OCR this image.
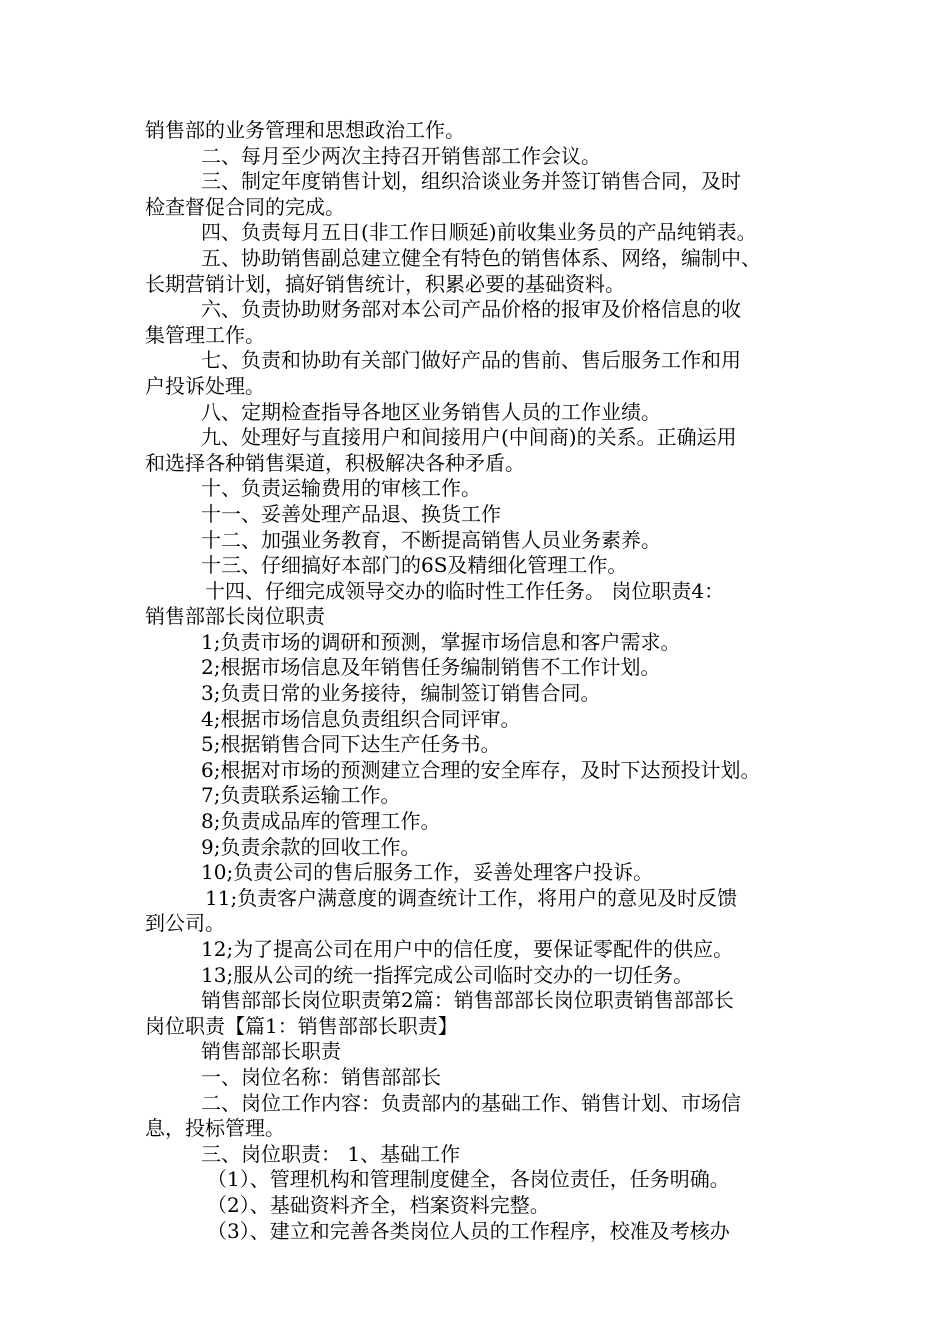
销售部的业务管理和思想政治工作。
二、每月至少两次主持召开销售部工作会议。
三、制定年度销售计划，组织洽谈业务并签订销售合同，及时
检查督促合同的完成。
四、负责每月五日(非工作日顺延)前收集业务员的产品纯销表。
五、协助销售副总建立健全有特色的销售体系、网络，编制中、
长期营销计划，搞好销售统计，积累必要的基础资料。
六、负责协助财务部对本公司产品价格的报审及价格信息的收
集管理工作。
七、负责和协助有关部门做好产品的售前、售后服务工作和用
户投诉处理。
八、定期检查指导各地区业务销售人员的工作业绩。
九、处理好与直接用户和间接用户(中间商)的关系。正确运用
和选择各种销售渠道，积极解决各种矛盾。
十、负责运输费用的审核工作。
十一、妥善处理产品退、换货工作
十二、加强业务教育，不断提高销售人员业务素养。
十三、仔细搞好本部门的6S及精细化管理工作。
十四、仔细完成领导交办的临时性工作任务。 岗位职责4：
销售部部长岗位职责
1;负责市场的调研和预测，掌握市场信息和客户需求。
2;根据市场信息及年销售任务编制销售不工作计划。
3;负责日常的业务接待，编制签订销售合同。
4;根据市场信息负责组织合同评审。
5;根据销售合同下达生产任务书。
6;根据对市场的预测建立合理的安全库存，及时下达预投计划。
7;负责联系运输工作。
8;负责成品库的管理工作。
9;负责余款的回收工作。
10;负责公司的售后服务工作，妥善处理客户投诉。
11;负责客户满意度的调查统计工作，将用户的意见及时反馈
到公司。
12;为了提高公司在用户中的信任度，要保证零配件的供应。
13;服从公司的统一指挥完成公司临时交办的一切任务。
销售部部长岗位职责第2篇：销售部部长岗位职责销售部部长
岗位职责【篇1：销售部部长职责】
销售部部长职责
一、岗位名称：销售部部长
二、岗位工作内容：负责部内的基础工作、销售计划、市场信
息，投标管理。
三、岗位职责： 1、基础工作
（1）、管理机构和管理制度健全，各岗位责任，任务明确。
（2）、基础资料齐全，档案资料完整。
（3）、建立和完善各类岗位人员的工作程序，校准及考核办
